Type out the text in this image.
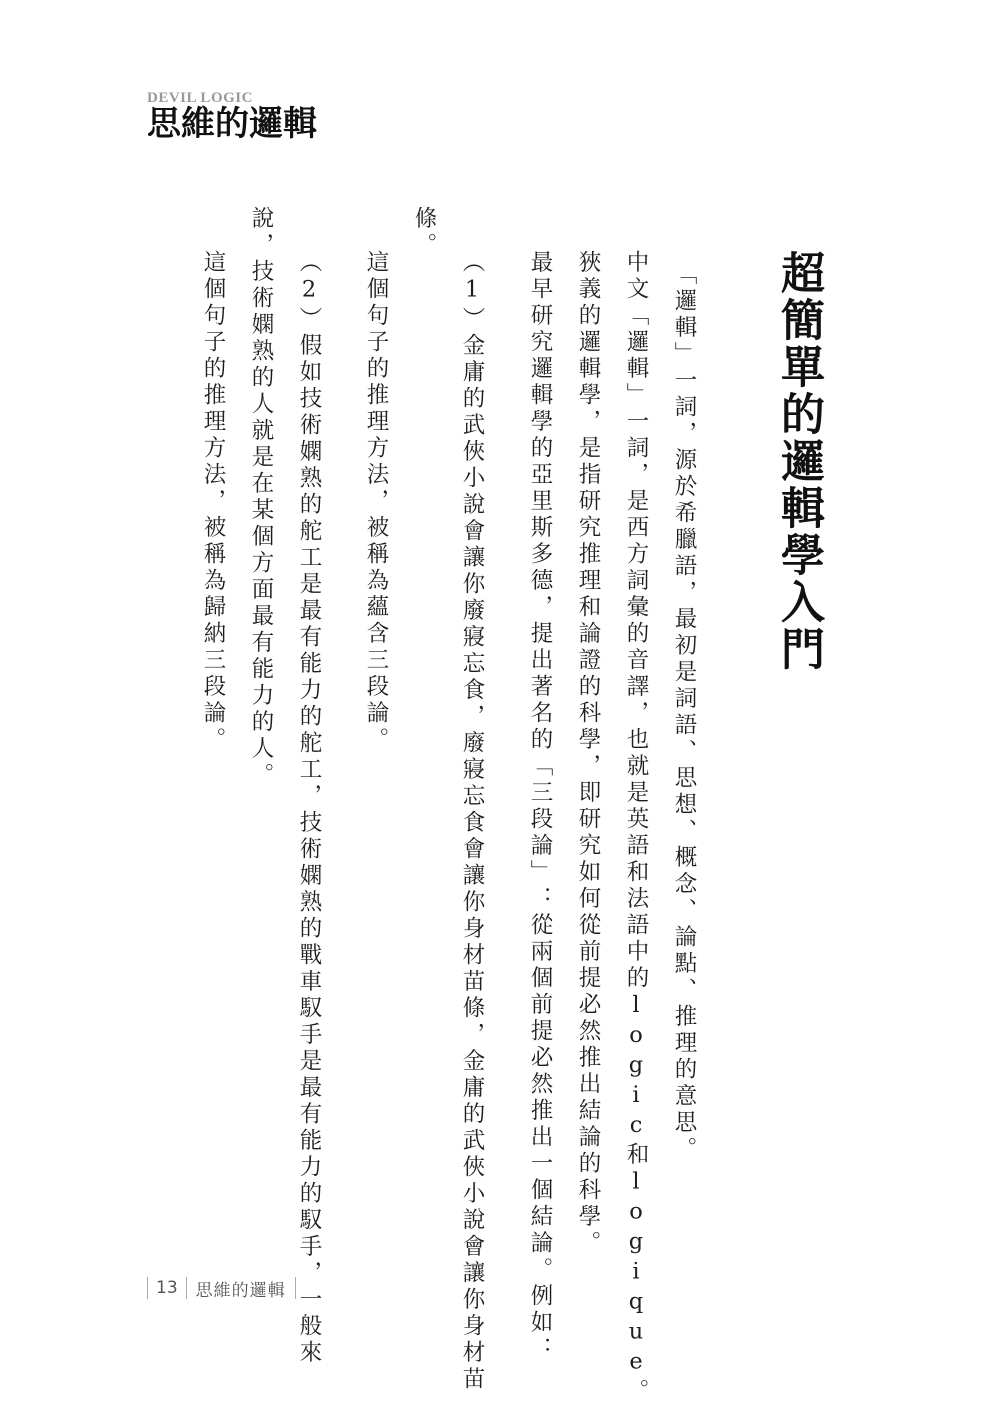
DEVIL LOGIC
思維的邏輯
超簡單的邏輯學入門
「邏輯」一詞，源於希臘語，最初是詞語、思想、概念、論點、推理的意思。
中文「邏輯」一詞，是西方詞彙的音譯，也就是英語和法語中的logic和logique。
狹義的邏輯學，是指研究推理和論證的科學，即研究如何從前提必然推出結論的科學。
最早研究邏輯學的亞里斯多德，提出著名的「三段論」：從兩個前提必然推出一個結論。例如：
（1）金庸的武俠小說會讓你廢寢忘食，廢寢忘食會讓你身材苗條，金庸的武俠小說會讓你身材苗
條。
這個句子的推理方法，被稱為蘊含三段論。
（2）假如技術嫻熟的舵工是最有能力的舵工，技術嫻熟的戰車馭手是最有能力的馭手，一般來
說，技術嫻熟的人就是在某個方面最有能力的人。
這個句子的推理方法，被稱為歸納三段論。
13	思維的邏輯
